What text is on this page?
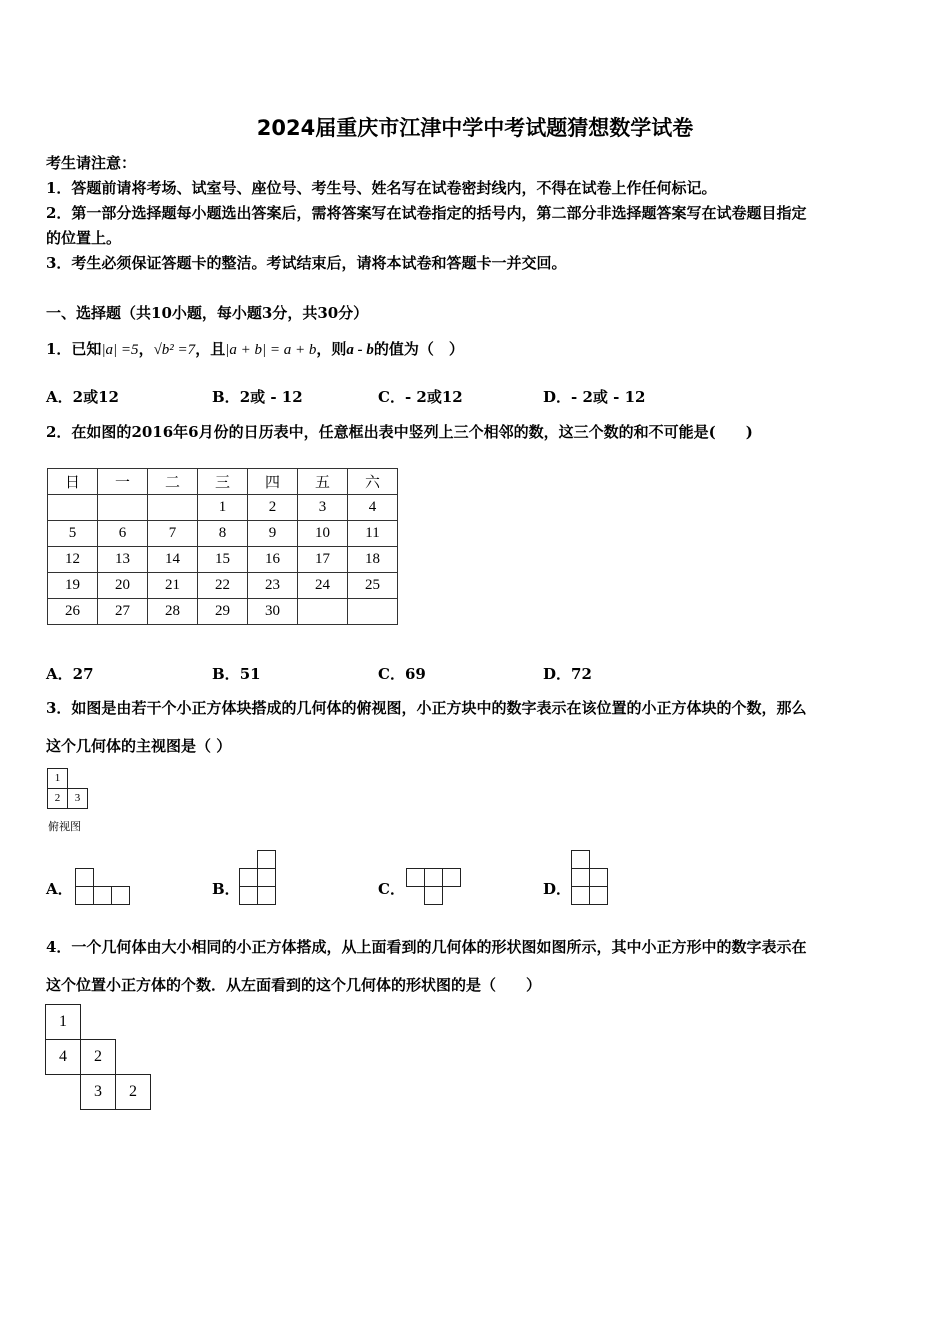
2024届重庆市江津中学中考试题猜想数学试卷
考生请注意：
1．答题前请将考场、试室号、座位号、考生号、姓名写在试卷密封线内，不得在试卷上作任何标记。
2．第一部分选择题每小题选出答案后，需将答案写在试卷指定的括号内，第二部分非选择题答案写在试卷题目指定
的位置上。
3．考生必须保证答题卡的整洁。考试结束后，请将本试卷和答题卡一并交回。
一、选择题（共10小题，每小题3分，共30分）
1．已知|a| =5，√b² =7，且|a + b| = a + b，则a - b的值为（　）
A．2或12	B．2或 - 12	C．- 2或12	D．- 2或 - 12
2．在如图的2016年6月份的日历表中，任意框出表中竖列上三个相邻的数，这三个数的和不可能是(　　)
日	一	二	三	四	五	六
			1	2	3	4
5	6	7	8	9	10	11
12	13	14	15	16	17	18
19	20	21	22	23	24	25
26	27	28	29	30		
A．27	B．51	C．69	D．72
3．如图是由若干个小正方体块搭成的几何体的俯视图，小正方块中的数字表示在该位置的小正方体块的个数，那么
这个几何体的主视图是（ ）
1
2	3
俯视图
A．	B．	C．	D．
4．一个几何体由大小相同的小正方体搭成，从上面看到的几何体的形状图如图所示，其中小正方形中的数字表示在
这个位置小正方体的个数．从左面看到的这个几何体的形状图的是（　　）
1
4	2
3	2
